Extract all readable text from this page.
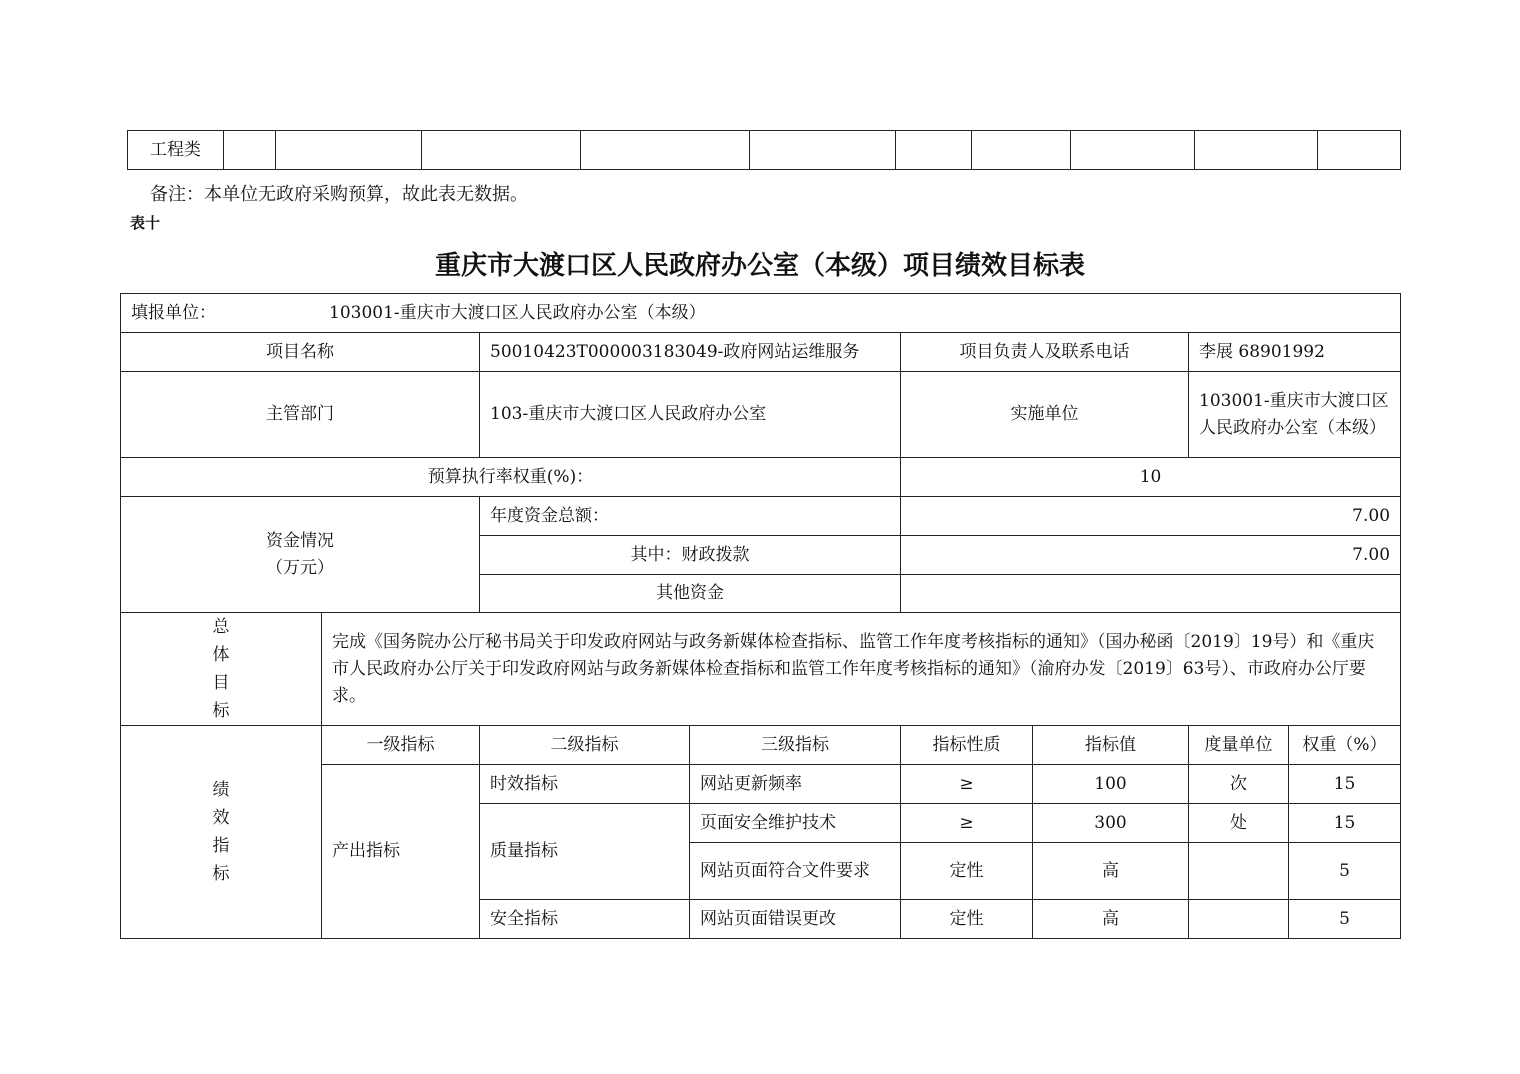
工程类										
备注：本单位无政府采购预算，故此表无数据。
表十
重庆市大渡口区人民政府办公室（本级）项目绩效目标表
填报单位： 103001-重庆市大渡口区人民政府办公室（本级）							
项目名称		50010423T000003183049-政府网站运维服务		项目负责人及联系电话		李展 68901992	
主管部门		103-重庆市大渡口区人民政府办公室		实施单位		103001-重庆市大渡口区人民政府办公室（本级）	
预算执行率权重(%)：				10			

资金情况
（万元）		年度资金总额：		7.00			
		其中：财政拨款		7.00			
		其他资金					

总
体
目
标	完成《国务院办公厅秘书局关于印发政府网站与政务新媒体检查指标、监管工作年度考核指标的通知》（国办秘函〔2019〕19号）和《重庆市人民政府办公厅关于印发政府网站与政务新媒体检查指标和监管工作年度考核指标的通知》（渝府办发〔2019〕63号）、市政府办公厅要求。						

绩
效
指
标	一级指标	二级指标	三级指标	指标性质	指标值	度量单位	权重（%）
	产出指标	时效指标	网站更新频率	≥	100	次	15
		质量指标	页面安全维护技术	≥	300	处	15
			网站页面符合文件要求	定性	高		5
		安全指标	网站页面错误更改	定性	高		5
